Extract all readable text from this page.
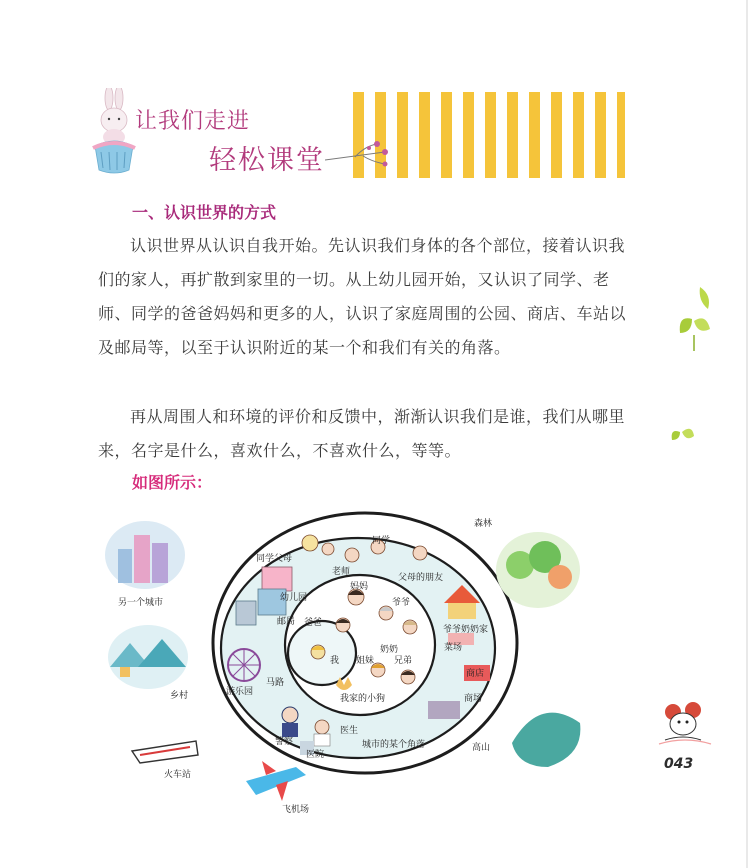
让我们走进
轻松课堂
一、认识世界的方式
认识世界从认识自我开始。先认识我们身体的各个部位，接着认识我们的家人，再扩散到家里的一切。从上幼儿园开始，又认识了同学、老师、同学的爸爸妈妈和更多的人，认识了家庭周围的公园、商店、车站以及邮局等，以至于认识附近的某一个和我们有关的角落。
再从周围人和环境的评价和反馈中，渐渐认识我们是谁，我们从哪里来，名字是什么，喜欢什么，不喜欢什么，等等。
如图所示：
我
爸爸
妈妈
爷爷
奶奶
姐妹 兄弟
我家的小狗
同学父母
同学
老师
父母的朋友
幼儿园
邮局
爷爷奶奶家
菜场
商店
马路
游乐园
商场
警察
医生
医院
城市的某个角落
森林
另一个城市
乡村
高山
火车站
飞机场
043
